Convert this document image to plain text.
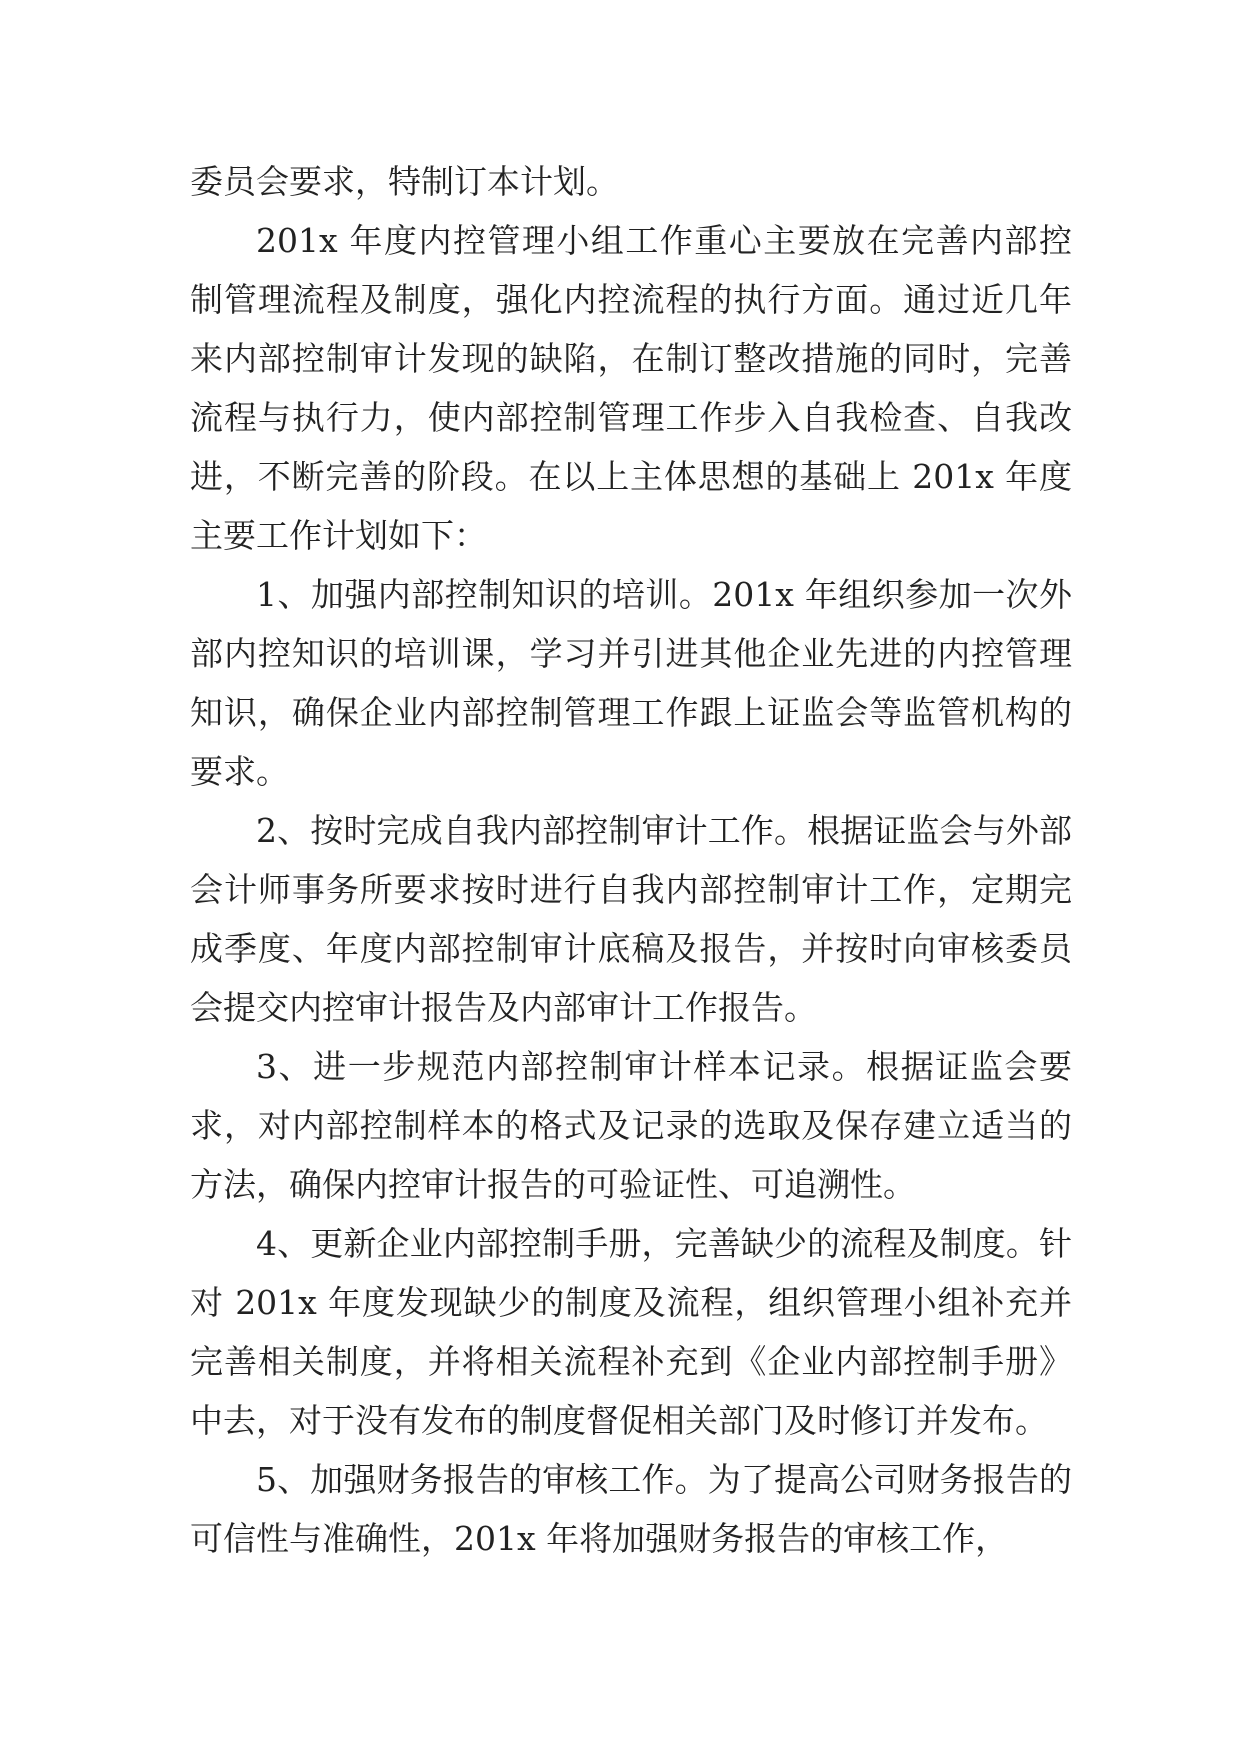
委员会要求，特制订本计划。

201x 年度内控管理小组工作重心主要放在完善内部控制管理流程及制度，强化内控流程的执行方面。通过近几年来内部控制审计发现的缺陷，在制订整改措施的同时，完善流程与执行力，使内部控制管理工作步入自我检查、自我改进，不断完善的阶段。在以上主体思想的基础上 201x 年度主要工作计划如下：

1、加强内部控制知识的培训。201x 年组织参加一次外部内控知识的培训课，学习并引进其他企业先进的内控管理知识，确保企业内部控制管理工作跟上证监会等监管机构的要求。

2、按时完成自我内部控制审计工作。根据证监会与外部会计师事务所要求按时进行自我内部控制审计工作，定期完成季度、年度内部控制审计底稿及报告，并按时向审核委员会提交内控审计报告及内部审计工作报告。

3、进一步规范内部控制审计样本记录。根据证监会要求，对内部控制样本的格式及记录的选取及保存建立适当的方法，确保内控审计报告的可验证性、可追溯性。

4、更新企业内部控制手册，完善缺少的流程及制度。针对 201x 年度发现缺少的制度及流程，组织管理小组补充并完善相关制度，并将相关流程补充到《企业内部控制手册》中去，对于没有发布的制度督促相关部门及时修订并发布。

5、加强财务报告的审核工作。为了提高公司财务报告的可信性与准确性，201x 年将加强财务报告的审核工作，
